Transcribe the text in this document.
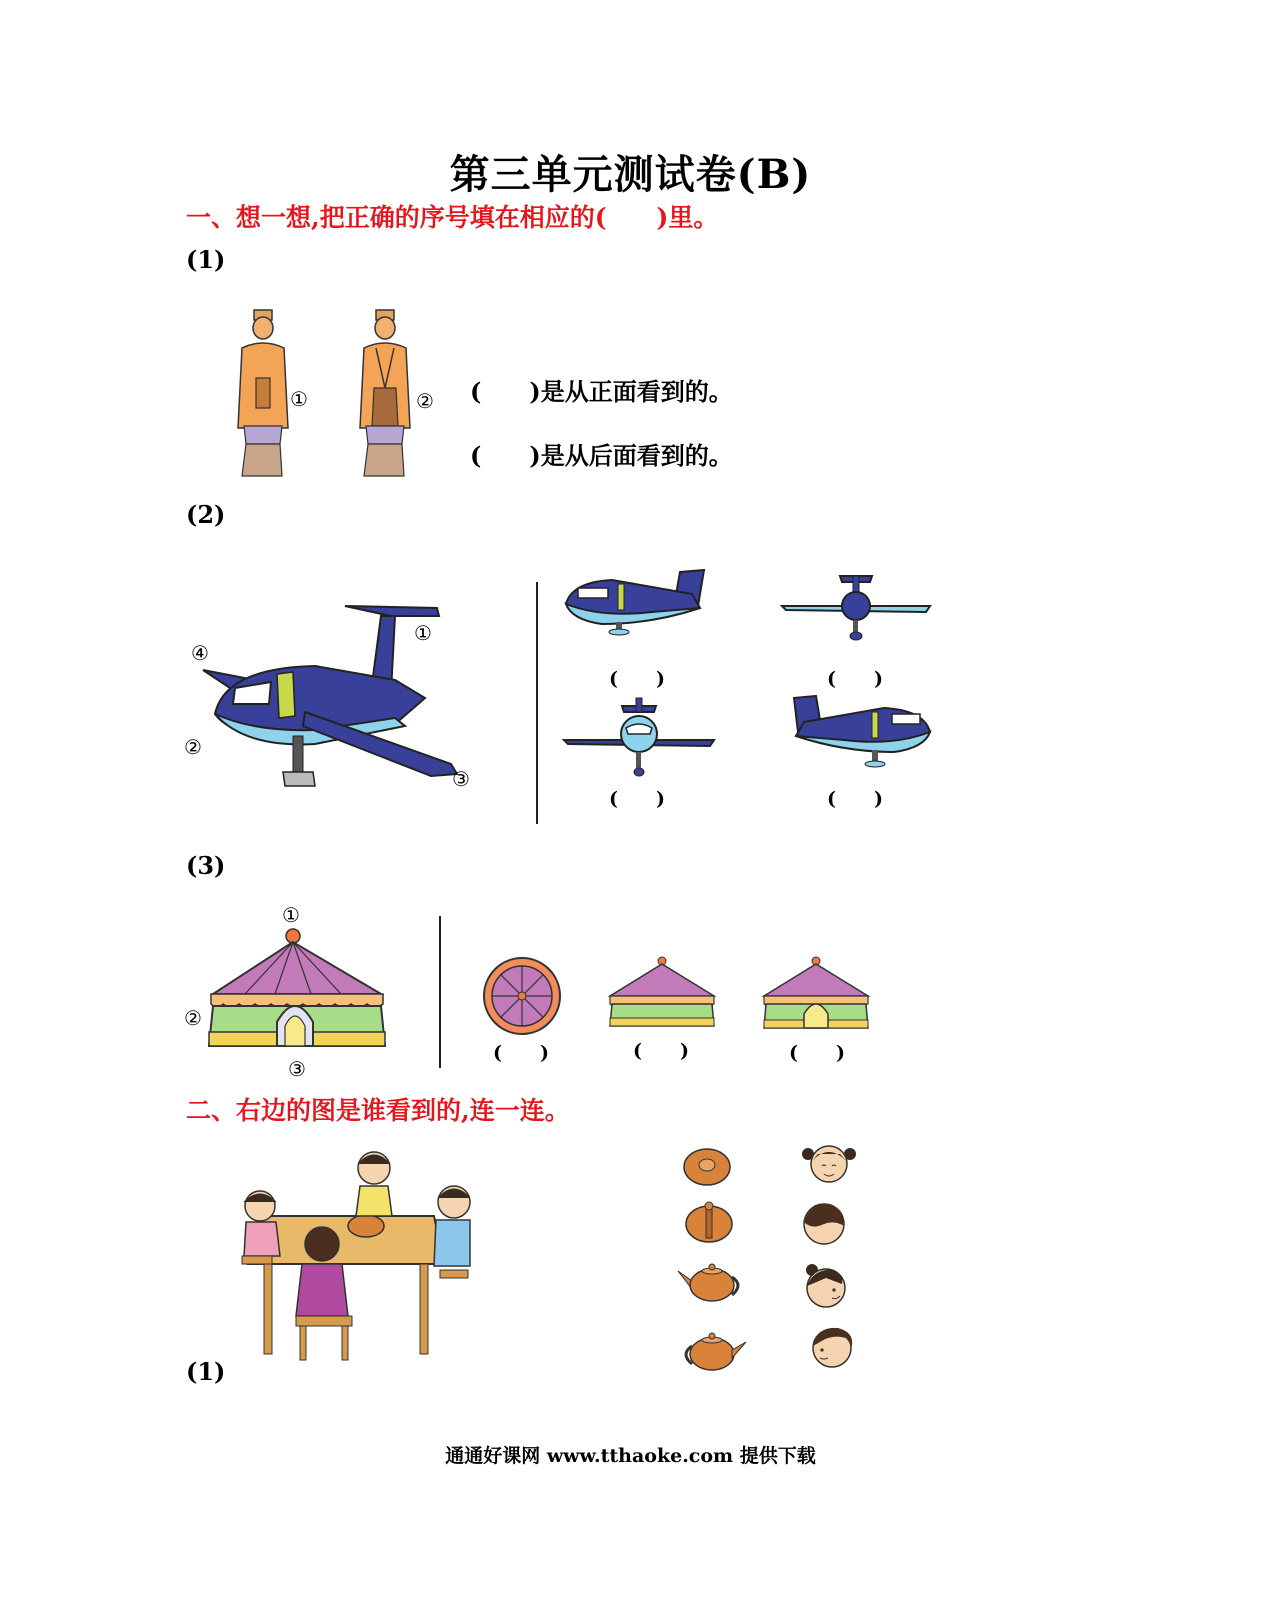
第三单元测试卷(B)
一、想一想,把正确的序号填在相应的(　　)里。
(1)
①	② (　　)是从正面看到的。
(　　)是从后面看到的。
(2)
①
②
③
④
(　　)	(　　)
(　　)	(　　)
(3)
①
②
③
(　　)	(　　)	(　　)
二、右边的图是谁看到的,连一连。
(1)
通通好课网 www.tthaoke.com 提供下载
